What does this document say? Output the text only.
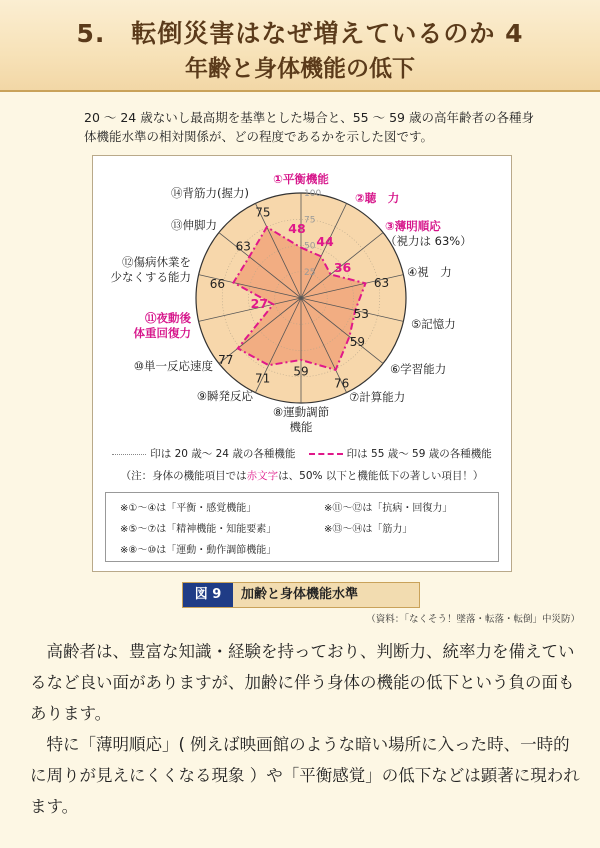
5.　転倒災害はなぜ増えているのか 4
年齢と身体機能の低下
20 ～ 24 歳ないし最高期を基準とした場合と、55 ～ 59 歳の高年齢者の各種身体機能水準の相対関係が、どの程度であるかを示した図です。
25
50
75
100
48
44
36
63
53
59
76
59
71
77
27
66
63
75
①平衡機能
②聴　力
③薄明順応（視力は 63%）
④視　力
⑤記憶力
⑥学習能力
⑦計算能力
⑧運動調節機能
⑨瞬発反応
⑩単一反応速度
⑪夜動後体重回復力
⑫傷病休業を少なくする能力
⑬伸脚力
⑭背筋力(握力)
印は 20 歳～ 24 歳の各種機能	印は 55 歳～ 59 歳の各種機能
（注：身体の機能項目では赤文字は、50% 以下と機能低下の著しい項目！）
※①～④は「平衡・感覚機能」	※⑪～⑫は「抗病・回復力」
※⑤～⑦は「精神機能・知能要素」	※⑬～⑭は「筋力」
※⑧～⑩は「運動・動作調節機能」
図 9	加齢と身体機能水準
（資料：「なくそう！墜落・転落・転倒」中災防）

高齢者は、豊富な知識・経験を持っており、判断力、統率力を備えているなど良い面がありますが、加齢に伴う身体の機能の低下という負の面もあります。

特に「薄明順応」( 例えば映画館のような暗い場所に入った時、一時的に周りが見えにくくなる現象 ）や「平衡感覚」の低下などは顕著に現われます。
